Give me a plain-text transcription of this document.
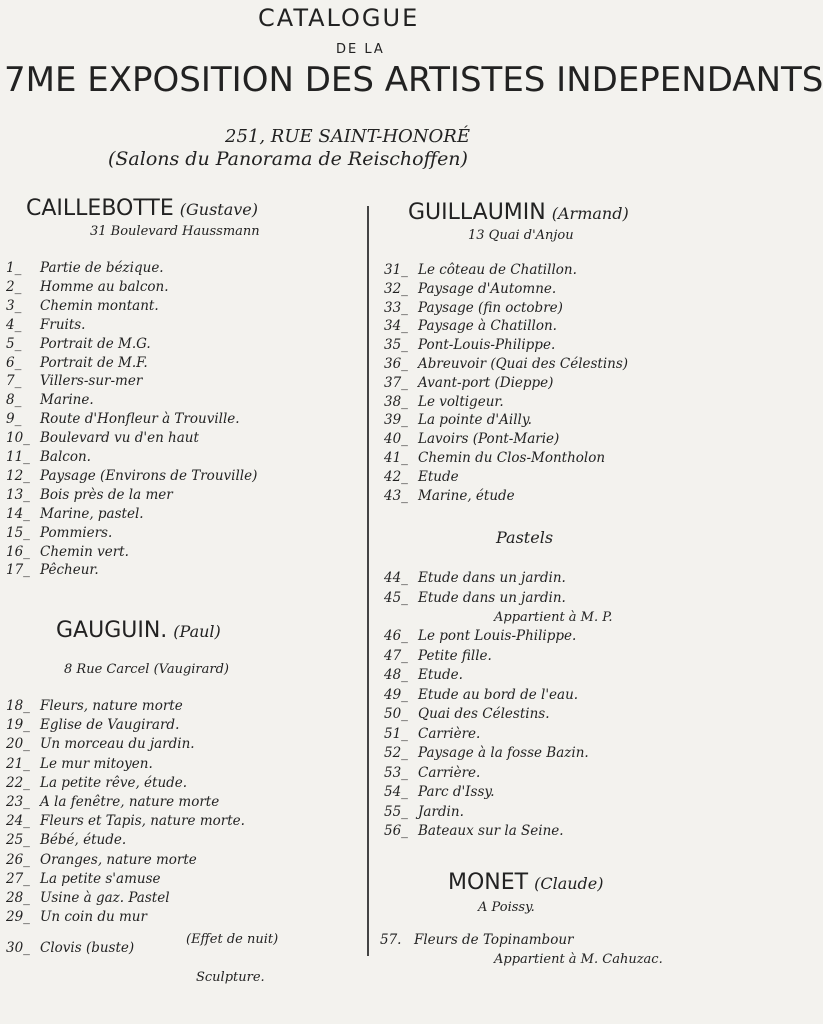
CATALOGUE
DE LA
7ME EXPOSITION DES ARTISTES INDEPENDANTS
251, RUE SAINT-HONORÉ
(Salons du Panorama de Reischoffen)
CAILLEBOTTE (Gustave)
31 Boulevard Haussmann
1_ Partie de bézique.
2_ Homme au balcon.
3_ Chemin montant.
4_ Fruits.
5_ Portrait de M.G.
6_ Portrait de M.F.
7_ Villers-sur-mer
8_ Marine.
9_ Route d'Honfleur à Trouville.
10_ Boulevard vu d'en haut
11_ Balcon.
12_ Paysage (Environs de Trouville)
13_ Bois près de la mer
14_ Marine, pastel.
15_ Pommiers.
16_ Chemin vert.
17_ Pêcheur.
GAUGUIN. (Paul)
8 Rue Carcel (Vaugirard)
18_ Fleurs, nature morte
19_ Eglise de Vaugirard.
20_ Un morceau du jardin.
21_ Le mur mitoyen.
22_ La petite rêve, étude.
23_ A la fenêtre, nature morte
24_ Fleurs et Tapis, nature morte.
25_ Bébé, étude.
26_ Oranges, nature morte
27_ La petite s'amuse
28_ Usine à gaz. Pastel
29_ Un coin du mur
30_ Clovis (buste)
(Effet de nuit)
Sculpture.
GUILLAUMIN (Armand)
13 Quai d'Anjou
31_ Le côteau de Chatillon.
32_ Paysage d'Automne.
33_ Paysage (fin octobre)
34_ Paysage à Chatillon.
35_ Pont-Louis-Philippe.
36_ Abreuvoir (Quai des Célestins)
37_ Avant-port (Dieppe)
38_ Le voltigeur.
39_ La pointe d'Ailly.
40_ Lavoirs (Pont-Marie)
41_ Chemin du Clos-Montholon
42_ Etude
43_ Marine, étude
Pastels
44_ Etude dans un jardin.
45_ Etude dans un jardin.
46_ Le pont Louis-Philippe.
47_ Petite fille.
48_ Etude.
49_ Etude au bord de l'eau.
50_ Quai des Célestins.
51_ Carrière.
52_ Paysage à la fosse Bazin.
53_ Carrière.
54_ Parc d'Issy.
55_ Jardin.
56_ Bateaux sur la Seine.
Appartient à M. P.
MONET (Claude)
A Poissy.
57. Fleurs de Topinambour
Appartient à M. Cahuzac.
